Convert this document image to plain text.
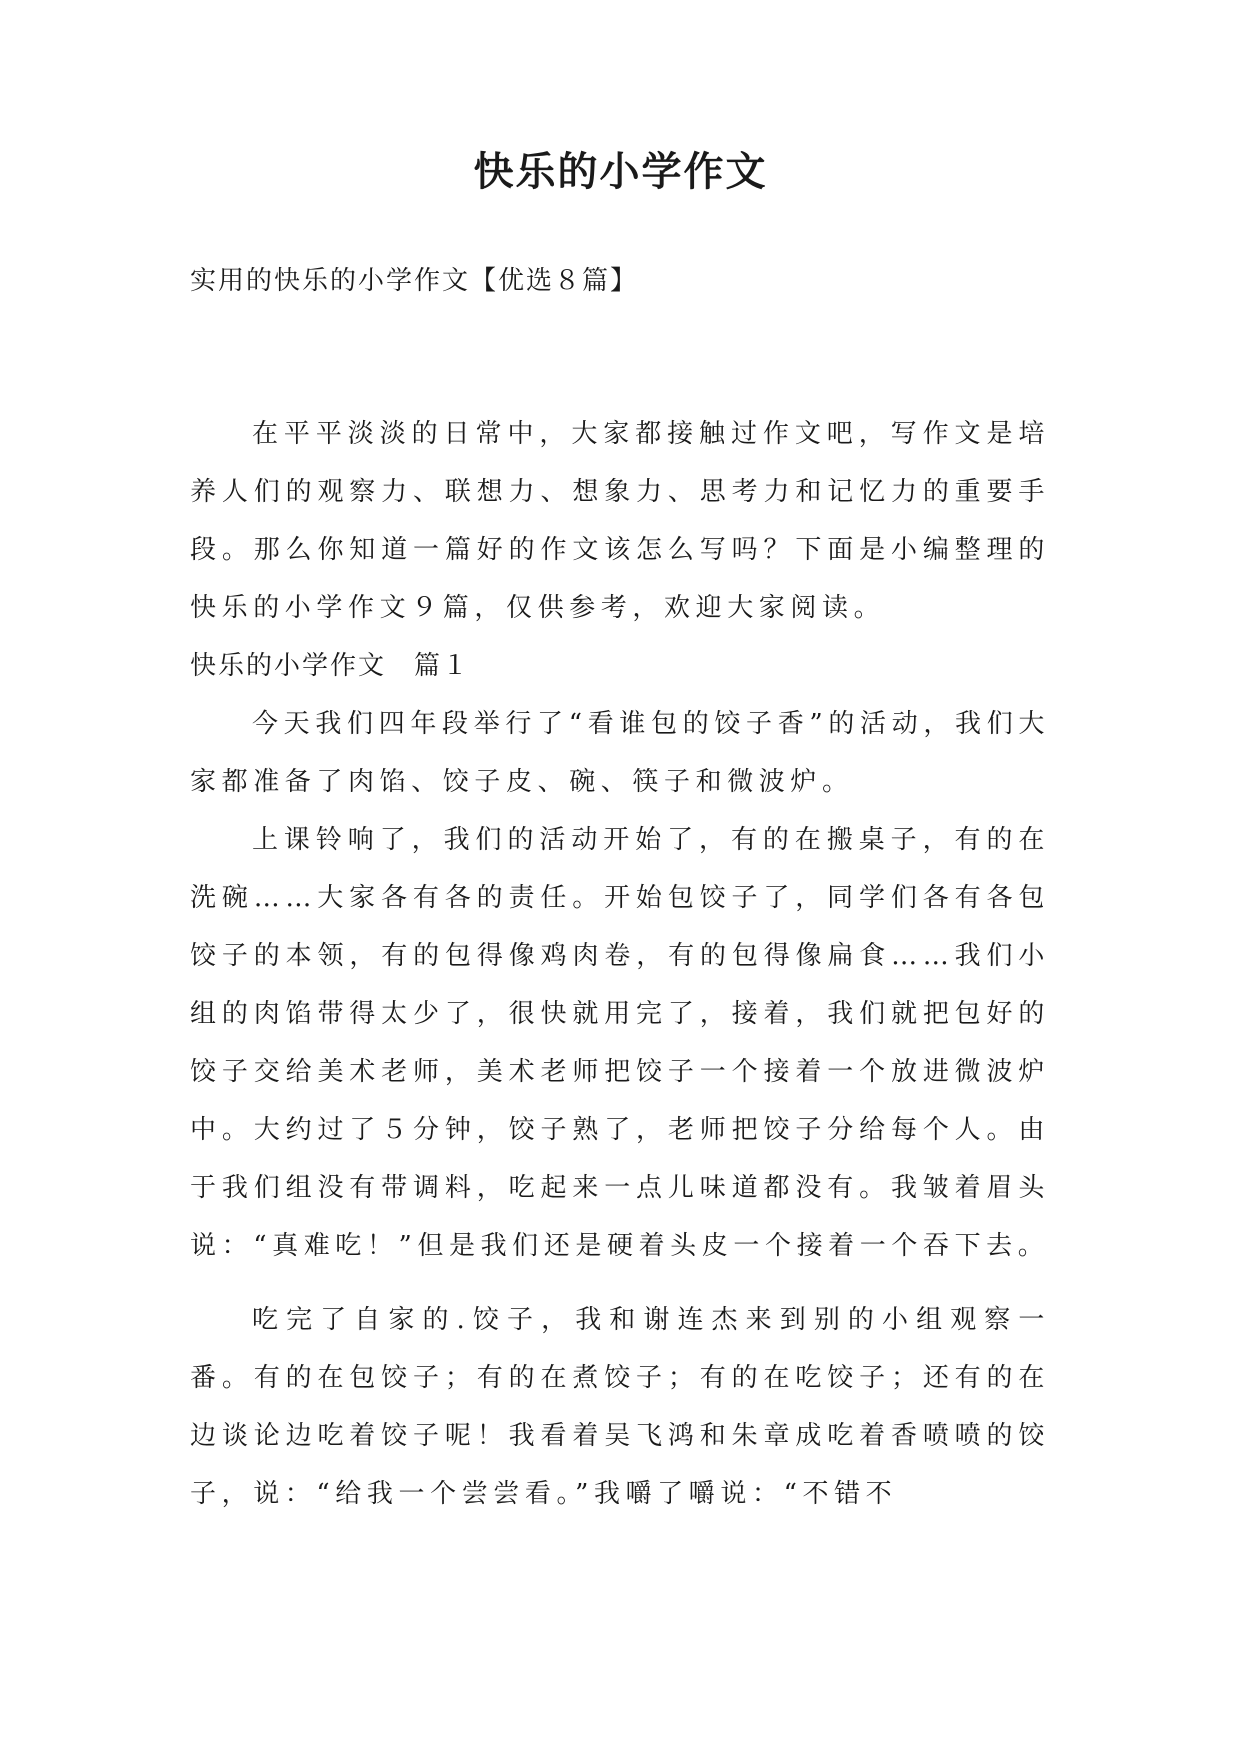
快乐的小学作文
实用的快乐的小学作文【优选８篇】

在平平淡淡的日常中，大家都接触过作文吧，写作文是培养人们的观察力、联想力、想象力、思考力和记忆力的重要手段。那么你知道一篇好的作文该怎么写吗？下面是小编整理的快乐的小学作文９篇，仅供参考，欢迎大家阅读。

快乐的小学作文　篇１

今天我们四年段举行了“看谁包的饺子香”的活动，我们大家都准备了肉馅、饺子皮、碗、筷子和微波炉。

上课铃响了，我们的活动开始了，有的在搬桌子，有的在洗碗……大家各有各的责任。开始包饺子了，同学们各有各包饺子的本领，有的包得像鸡肉卷，有的包得像扁食……我们小组的肉馅带得太少了，很快就用完了，接着，我们就把包好的饺子交给美术老师，美术老师把饺子一个接着一个放进微波炉中。大约过了５分钟，饺子熟了，老师把饺子分给每个人。由于我们组没有带调料，吃起来一点儿味道都没有。我皱着眉头说：“真难吃！”但是我们还是硬着头皮一个接着一个吞下去。

吃完了自家的.饺子，我和谢连杰来到别的小组观察一番。有的在包饺子；有的在煮饺子；有的在吃饺子；还有的在边谈论边吃着饺子呢！我看着吴飞鸿和朱章成吃着香喷喷的饺子，说：“给我一个尝尝看。”我嚼了嚼说：“不错不
